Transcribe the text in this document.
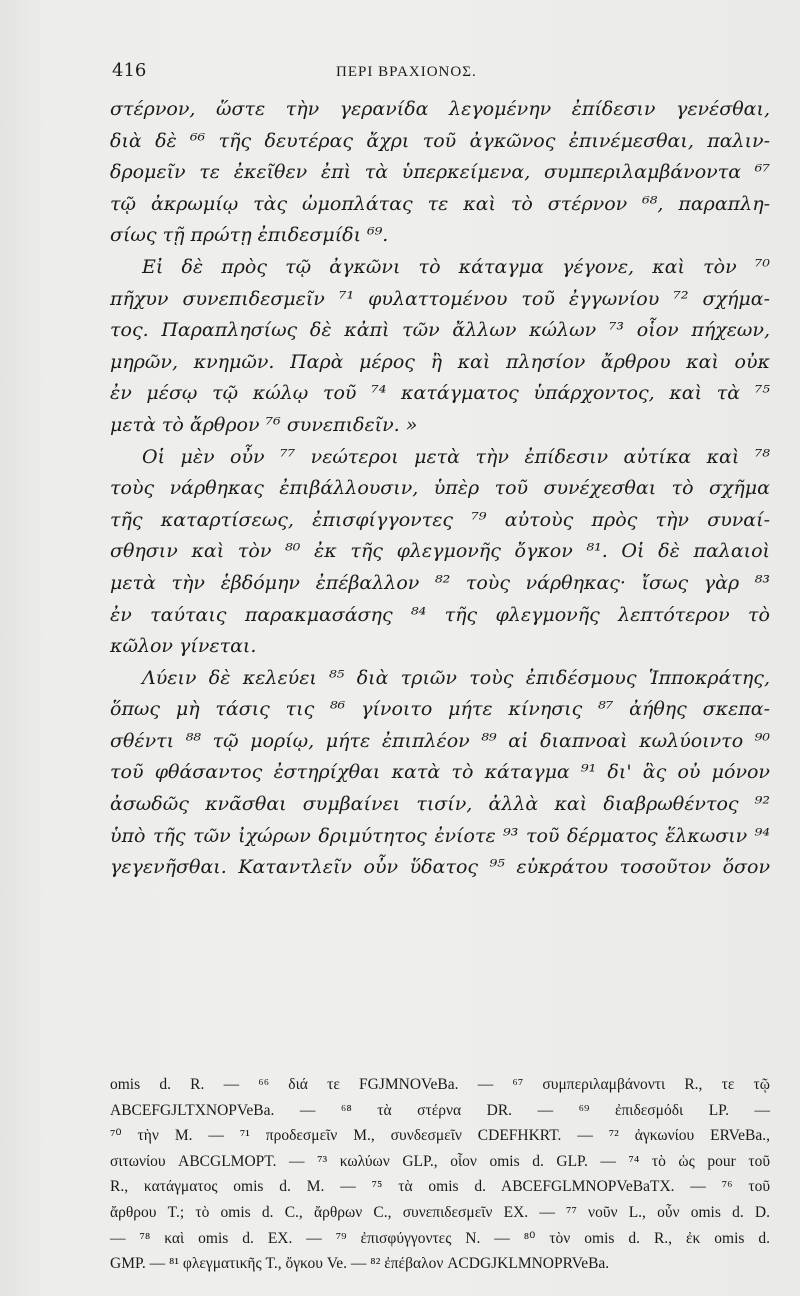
416	ΠΕΡΙ ΒΡΑΧΙΟΝΟΣ.
στέρνον, ὥστε τὴν γερανίδα λεγομένην ἐπίδεσιν γενέσθαι,
διὰ δὲ ⁶⁶ τῆς δευτέρας ἄχρι τοῦ ἀγκῶνος ἐπινέμεσθαι, παλιν-
δρομεῖν τε ἐκεῖθεν ἐπὶ τὰ ὑπερκείμενα, συμπεριλαμβάνοντα ⁶⁷
τῷ ἀκρωμίῳ τὰς ὠμοπλάτας τε καὶ τὸ στέρνον ⁶⁸, παραπλη-
σίως τῇ πρώτῃ ἐπιδεσμίδι ⁶⁹.
Εἰ δὲ πρὸς τῷ ἀγκῶνι τὸ κάταγμα γέγονε, καὶ τὸν ⁷⁰
πῆχυν συνεπιδεσμεῖν ⁷¹ φυλαττομένου τοῦ ἐγγωνίου ⁷² σχήμα-
τος. Παραπλησίως δὲ κἀπὶ τῶν ἄλλων κώλων ⁷³ οἷον πήχεων,
μηρῶν, κνημῶν. Παρὰ μέρος ἢ καὶ πλησίον ἄρθρου καὶ οὐκ
ἐν μέσῳ τῷ κώλῳ τοῦ ⁷⁴ κατάγματος ὑπάρχοντος, καὶ τὰ ⁷⁵
μετὰ τὸ ἄρθρον ⁷⁶ συνεπιδεῖν. »
Οἱ μὲν οὖν ⁷⁷ νεώτεροι μετὰ τὴν ἐπίδεσιν αὐτίκα καὶ ⁷⁸
τοὺς νάρθηκας ἐπιβάλλουσιν, ὑπὲρ τοῦ συνέχεσθαι τὸ σχῆμα
τῆς καταρτίσεως, ἐπισφίγγοντες ⁷⁹ αὐτοὺς πρὸς τὴν συναί-
σθησιν καὶ τὸν ⁸⁰ ἐκ τῆς φλεγμονῆς ὄγκον ⁸¹. Οἱ δὲ παλαιοὶ
μετὰ τὴν ἑβδόμην ἐπέβαλλον ⁸² τοὺς νάρθηκας· ἴσως γὰρ ⁸³
ἐν ταύταις παρακμασάσης ⁸⁴ τῆς φλεγμονῆς λεπτότερον τὸ
κῶλον γίνεται.
Λύειν δὲ κελεύει ⁸⁵ διὰ τριῶν τοὺς ἐπιδέσμους Ἱπποκράτης,
ὅπως μὴ τάσις τις ⁸⁶ γίνοιτο μήτε κίνησις ⁸⁷ ἀήθης σκεπα-
σθέντι ⁸⁸ τῷ μορίῳ, μήτε ἐπιπλέον ⁸⁹ αἱ διαπνοαὶ κωλύοιντο ⁹⁰
τοῦ φθάσαντος ἐστηρίχθαι κατὰ τὸ κάταγμα ⁹¹ δι' ἃς οὐ μόνον
ἀσωδῶς κνᾶσθαι συμβαίνει τισίν, ἀλλὰ καὶ διαβρωθέντος ⁹²
ὑπὸ τῆς τῶν ἰχώρων δριμύτητος ἐνίοτε ⁹³ τοῦ δέρματος ἕλκωσιν ⁹⁴
γεγενῆσθαι. Καταντλεῖν οὖν ὕδατος ⁹⁵ εὐκράτου τοσοῦτον ὅσον
omis d. R. — ⁶⁶ διά τε FGJMNOVeBa. — ⁶⁷ συμπεριλαμβάνοντι R., τε τῷ
ABCEFGJLTXNOPVeBa. — ⁶⁸ τὰ στέρνα DR. — ⁶⁹ ἐπιδεσμόδι LP. —
⁷⁰ τὴν M. — ⁷¹ προδεσμεῖν M., συνδεσμεῖν CDEFHKRT. — ⁷² ἀγκωνίου ERVeBa.,
σιτωνίου ABCGLMOPT. — ⁷³ κωλύων GLP., οἷον omis d. GLP. — ⁷⁴ τὸ ὡς pour τοῦ
R., κατάγματος omis d. M. — ⁷⁵ τὰ omis d. ABCEFGLMNOPVeBaTX. — ⁷⁶ τοῦ
ἄρθρου T.; τὸ omis d. C., ἄρθρων C., συνεπιδεσμεῖν EX. — ⁷⁷ νοῦν L., οὖν omis d. D.
— ⁷⁸ καὶ omis d. EX. — ⁷⁹ ἐπισφύγγοντες N. — ⁸⁰ τὸν omis d. R., ἐκ omis d.
GMP. — ⁸¹ φλεγματικῆς T., ὄγκου Ve. — ⁸² ἐπέβαλον ACDGJKLMNOPRVeBa.
